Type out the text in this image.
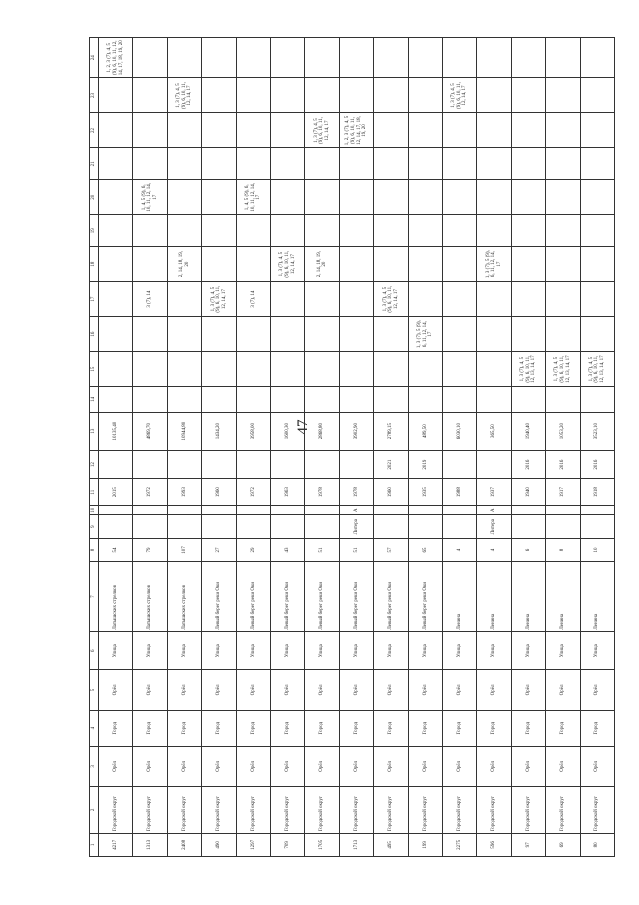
47
1	2	3	4	5	6	7	8	9	10	11	12	13	14	15	16	17	18	19	20	21	22	23	24
4217	Городской округ	Орёл	Город	Орёл	Улица	Латышских стрелков	54			2015		10135,40											1, 2, 3 (7), 4, 5 (9), 6, 10, 11, 12, 14, 17, 18, 19, 20
1313	Городской округ	Орёл	Город	Орёл	Улица	Латышских стрелков	79			1972		4869,70				3 (7), 14			1, 4, 5 (9), 6, 10, 11, 12, 14, 17				
2408	Городской округ	Орёл	Город	Орёл	Улица	Латышских стрелков	107			1993		10944,80					2, 14, 18, 19, 20					1, 3 (7), 4, 5 (9), 6, 10, 11, 12, 14, 17	
490	Городской округ	Орёл	Город	Орёл	Улица	Левый берег реки Оки	27			1960		1434,20				1, 3 (7), 4, 5 (9), 6, 10, 11, 12, 14, 17							
1297	Городской округ	Орёл	Город	Орёл	Улица	Левый берег реки Оки	29			1972		3958,00				3 (7), 14			1, 4, 5 (9), 6, 10, 11, 12, 14, 17				
709	Городской округ	Орёл	Город	Орёл	Улица	Левый берег реки Оки	43			1963		1600,30					1, 3 (7), 4, 5 (9), 6, 10, 11, 12, 14, 17						
1705	Городской округ	Орёл	Город	Орёл	Улица	Левый берег реки Оки	51			1978		2868,80					2, 14, 18, 19, 20				1, 3 (7), 4, 5 (9), 6, 10, 11, 12, 14, 17		
1713	Городской округ	Орёл	Город	Орёл	Улица	Левый берег реки Оки	51	Литера	А	1978		3902,90									1, 2, 3 (7), 4, 5 (9), 6, 10, 11, 12, 14, 17, 18, 19, 20		
495	Городской округ	Орёл	Город	Орёл	Улица	Левый берег реки Оки	57			1960	2021	2789,15				1, 3 (7), 4, 5 (9), 6, 10, 11, 12, 14, 17							
199	Городской округ	Орёл	Город	Орёл	Улица	Левый берег реки Оки	65			1935	2019	489,50			1, 3 (7), 5 (9), 6, 11, 12, 14, 17								
2275	Городской округ	Орёл	Город	Орёл	Улица	Ленина	4			1988		6030,10										1, 3 (7), 4, 5 (9), 6, 10, 11, 12, 14, 17	
596	Городской округ	Орёл	Город	Орёл	Улица	Ленина	4	Литера	А	1937		365,50					1, 3 (7), 5 (9), 6, 11, 12, 14, 17						
97	Городской округ	Орёл	Город	Орёл	Улица	Ленина	6			1940	2016	1940,40		1, 3 (7), 4, 5 (9), 6, 10, 11, 12, 13, 14, 17									
69	Городской округ	Орёл	Город	Орёл	Улица	Ленина	8			1917	2016	1053,20		1, 3 (7), 4, 5 (9), 6, 10, 11, 12, 13, 14, 17									
80	Городской округ	Орёл	Город	Орёл	Улица	Ленина	10			1918	2016	3523,10		1, 3 (7), 4, 5 (9), 6, 10, 11, 12, 13, 14, 17									
